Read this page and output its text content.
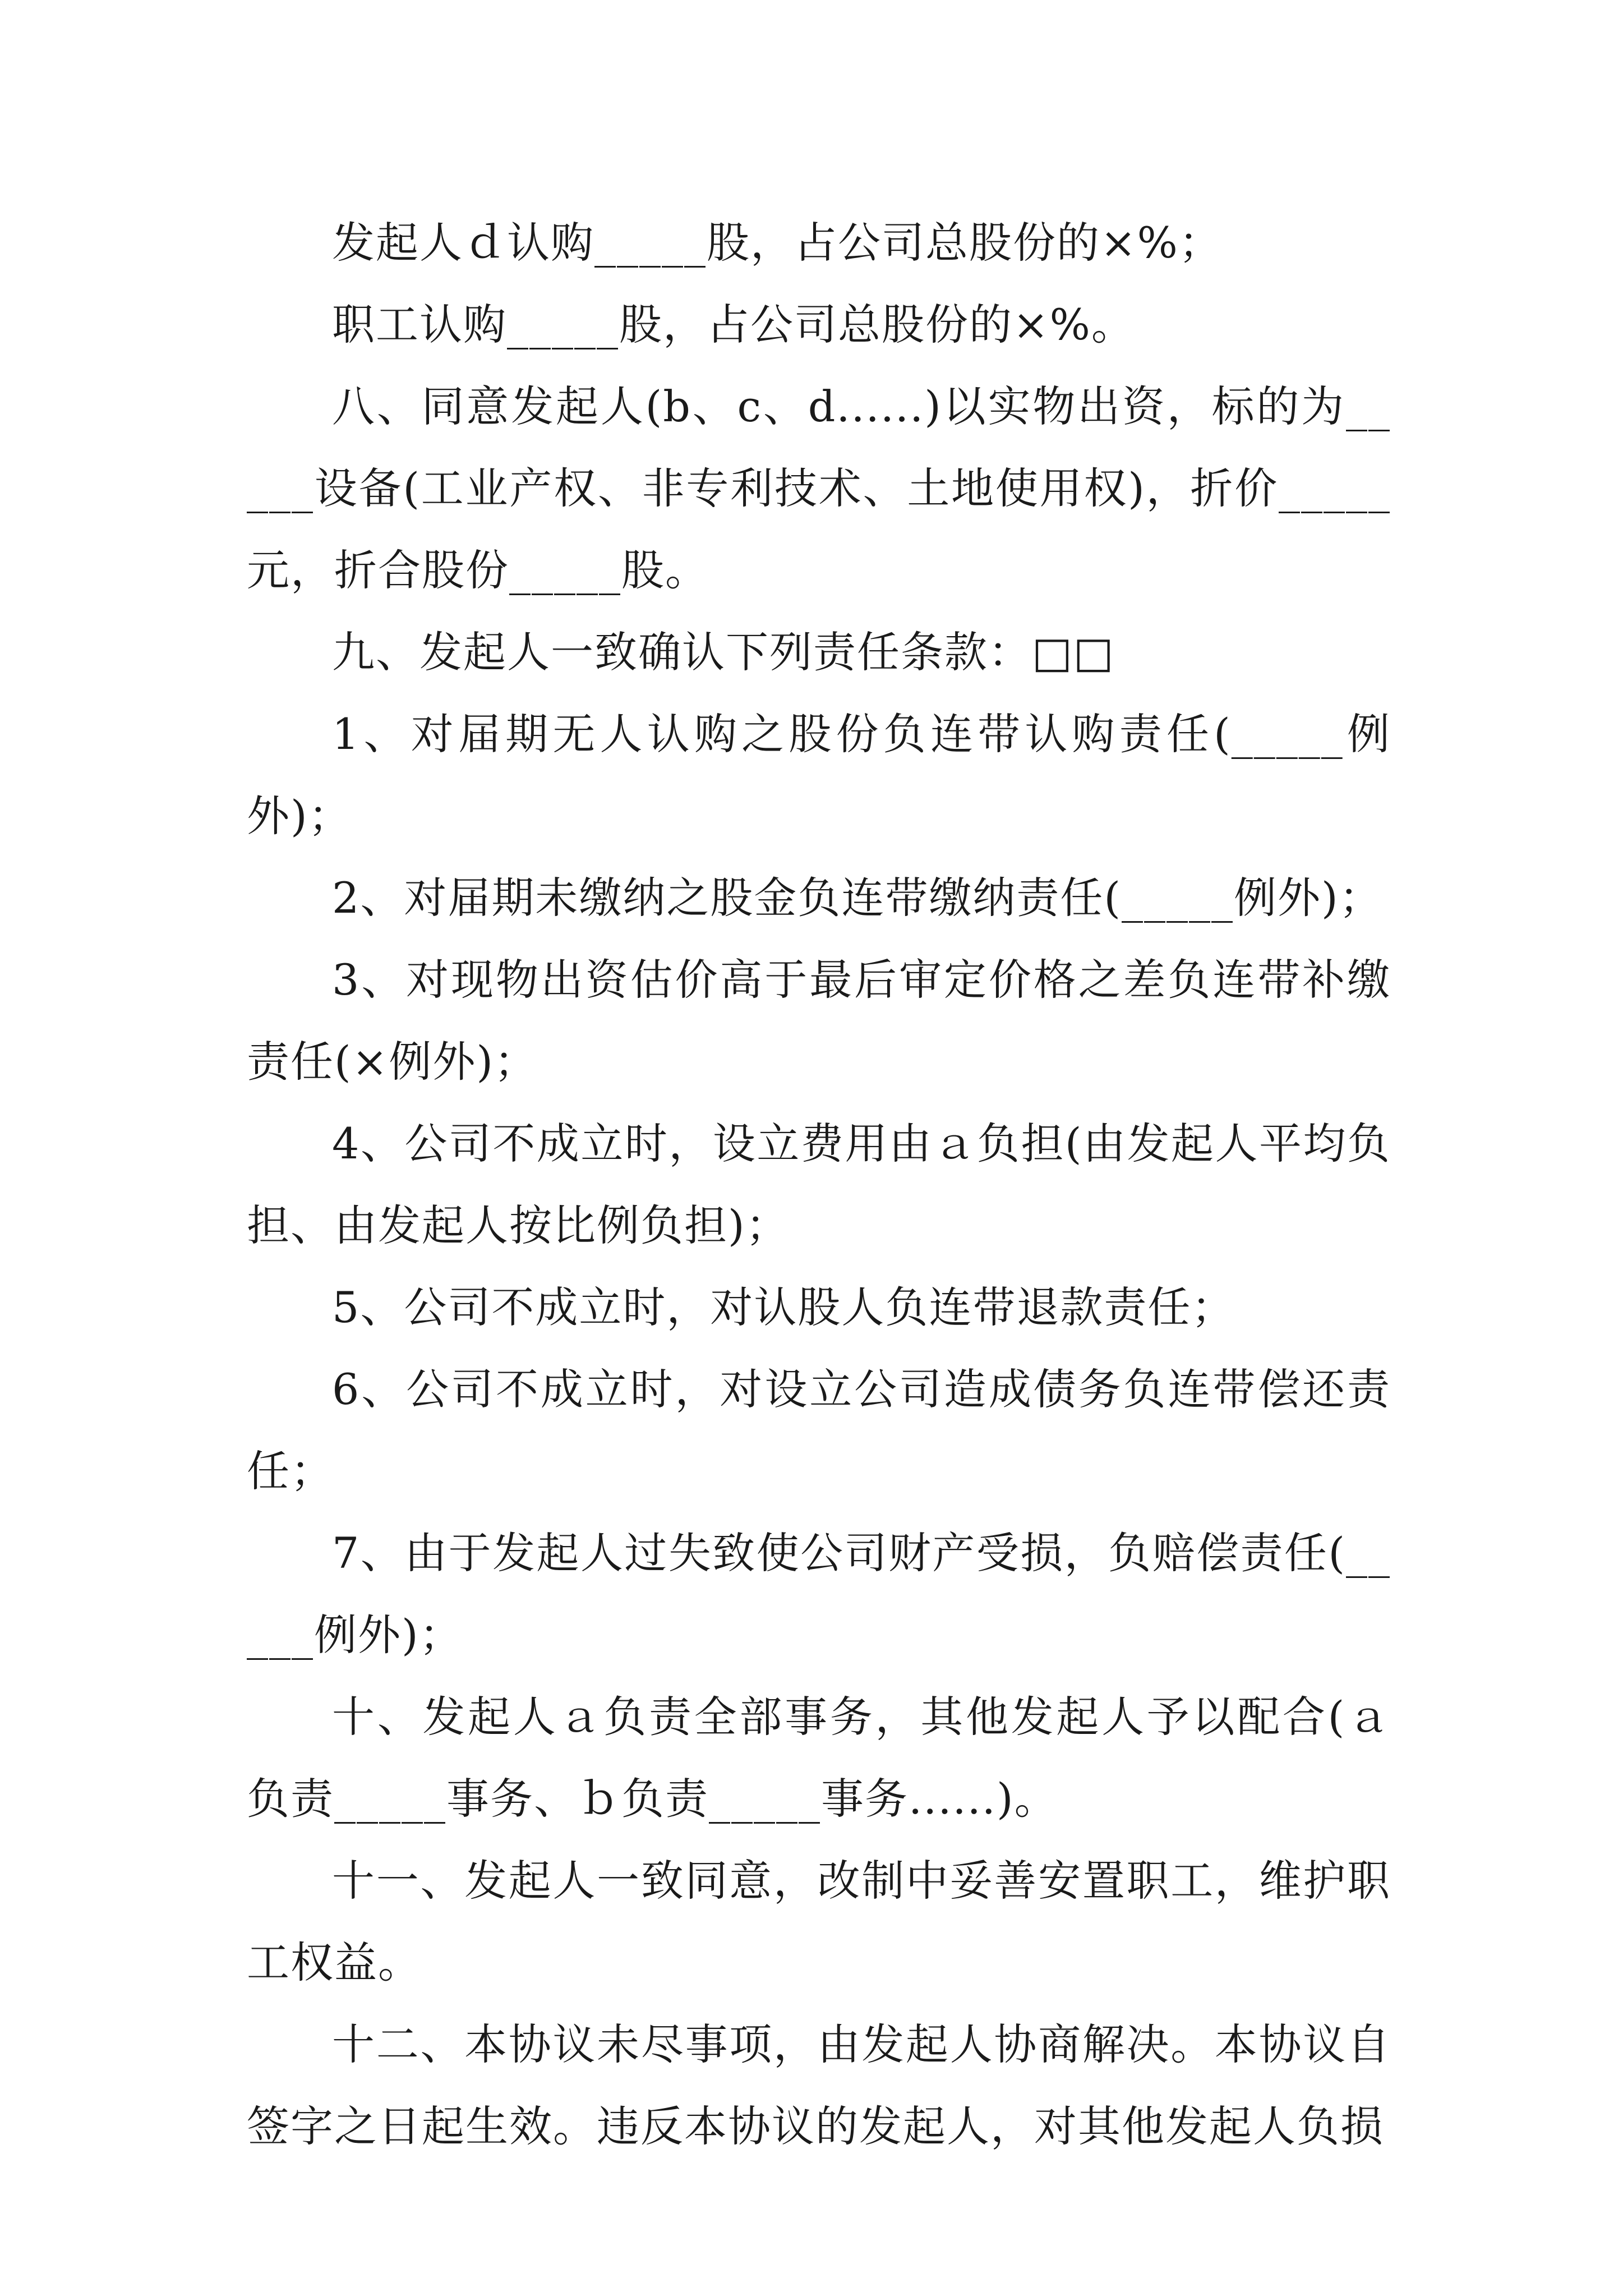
发起人ｄ认购_____股，占公司总股份的×%；

职工认购_____股，占公司总股份的×%。

八、同意发起人(b、c、d......)以实物出资，标的为_____设备(工业产权、非专利技术、土地使用权)，折价_____元，折合股份_____股。

九、发起人一致确认下列责任条款：□□

1、对届期无人认购之股份负连带认购责任(_____例外)；

2、对届期未缴纳之股金负连带缴纳责任(_____例外)；

3、对现物出资估价高于最后审定价格之差负连带补缴责任(×例外)；

4、公司不成立时，设立费用由ａ负担(由发起人平均负担、由发起人按比例负担)；

5、公司不成立时，对认股人负连带退款责任；

6、公司不成立时，对设立公司造成债务负连带偿还责任；

7、由于发起人过失致使公司财产受损，负赔偿责任(_____例外)；

十、发起人ａ负责全部事务，其他发起人予以配合(ａ负责_____事务、ｂ负责_____事务......)。

十一、发起人一致同意，改制中妥善安置职工，维护职工权益。

十二、本协议未尽事项，由发起人协商解决。本协议自签字之日起生效。违反本协议的发起人，对其他发起人负损
